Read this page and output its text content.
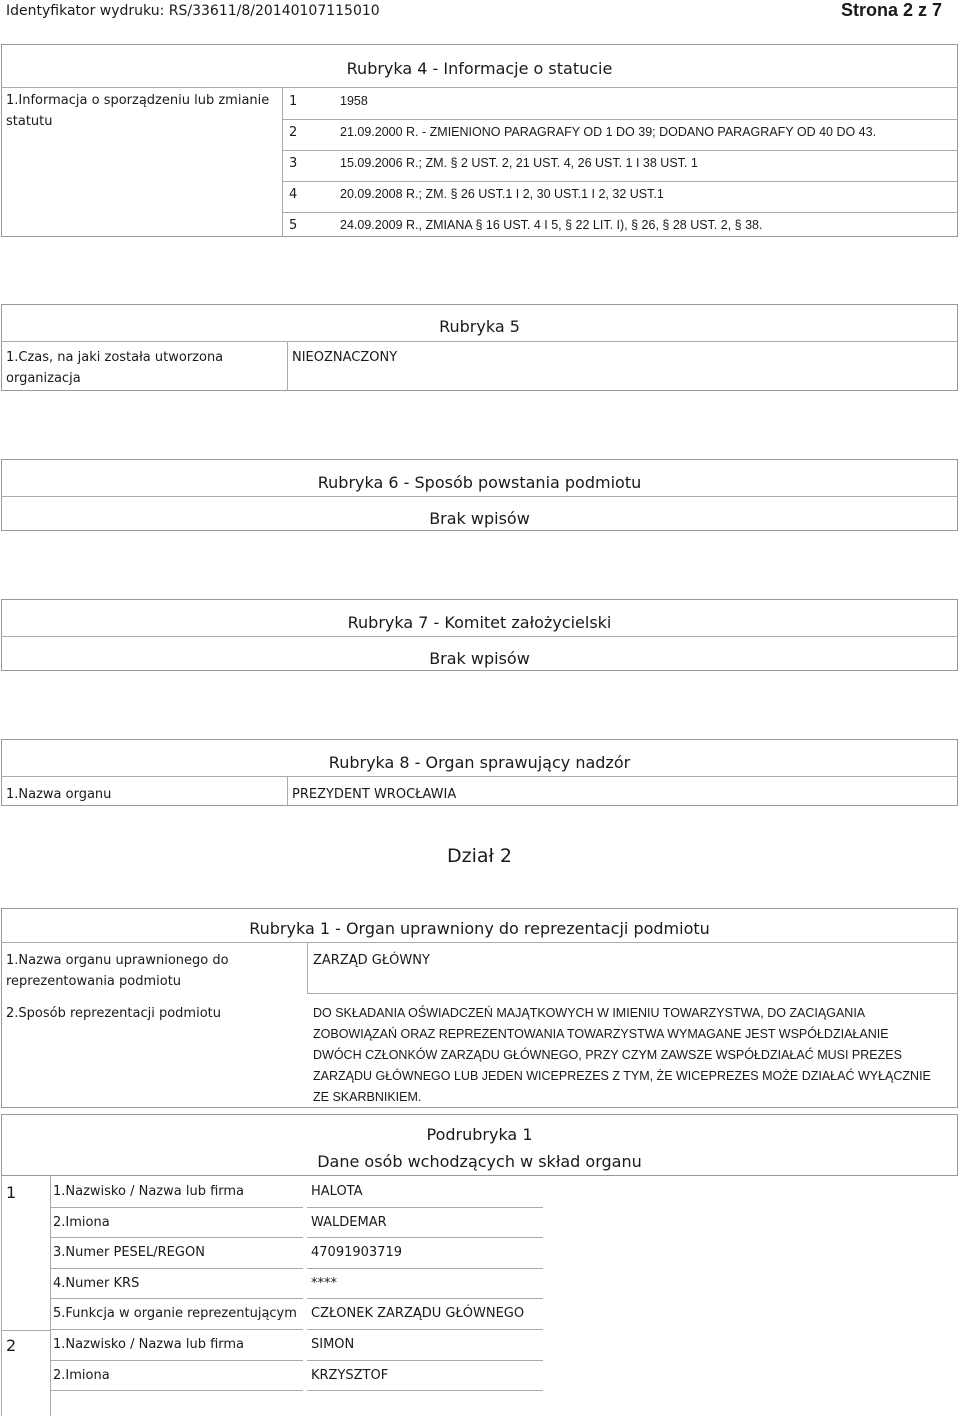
Identyfikator wydruku: RS/33611/8/20140107115010	Strona 2 z 7
Rubryka 4 - Informacje o statucie
1.Informacja o sporządzeniu lub zmianie statutu
1	1958
2	21.09.2000 R. - ZMIENIONO PARAGRAFY OD 1 DO 39; DODANO PARAGRAFY OD 40 DO 43.
3	15.09.2006 R.; ZM. § 2 UST. 2, 21 UST. 4, 26 UST. 1 I 38 UST. 1
4	20.09.2008 R.; ZM. § 26 UST.1 I 2, 30 UST.1 I 2, 32 UST.1
5	24.09.2009 R., ZMIANA § 16 UST. 4 I 5, § 22 LIT. I), § 26, § 28 UST. 2, § 38.
Rubryka 5
1.Czas, na jaki została utworzona organizacja
NIEOZNACZONY
Rubryka 6 - Sposób powstania podmiotu
Brak wpisów
Rubryka 7 - Komitet założycielski
Brak wpisów
Rubryka 8 - Organ sprawujący nadzór
1.Nazwa organu	PREZYDENT WROCŁAWIA
Dział 2
Rubryka 1 - Organ uprawniony do reprezentacji podmiotu
1.Nazwa organu uprawnionego do reprezentowania podmiotu
ZARZĄD GŁÓWNY
2.Sposób reprezentacji podmiotu	DO SKŁADANIA OŚWIADCZEŃ MAJĄTKOWYCH W IMIENIU TOWARZYSTWA, DO ZACIĄGANIA ZOBOWIĄZAŃ ORAZ REPREZENTOWANIA TOWARZYSTWA WYMAGANE JEST WSPÓŁDZIAŁANIE DWÓCH CZŁONKÓW ZARZĄDU GŁÓWNEGO, PRZY CZYM ZAWSZE WSPÓŁDZIAŁAĆ MUSI PREZES ZARZĄDU GŁÓWNEGO LUB JEDEN WICEPREZES Z TYM, ŻE WICEPREZES MOŻE DZIAŁAĆ WYŁĄCZNIE ZE SKARBNIKIEM.
Podrubryka 1
Dane osób wchodzących w skład organu
1	1.Nazwisko / Nazwa lub firma	HALOTA
2.Imiona	WALDEMAR
3.Numer PESEL/REGON	47091903719
4.Numer KRS	****
5.Funkcja w organie reprezentującym CZŁONEK ZARZĄDU GŁÓWNEGO
2	1.Nazwisko / Nazwa lub firma	SIMON
2.Imiona	KRZYSZTOF
